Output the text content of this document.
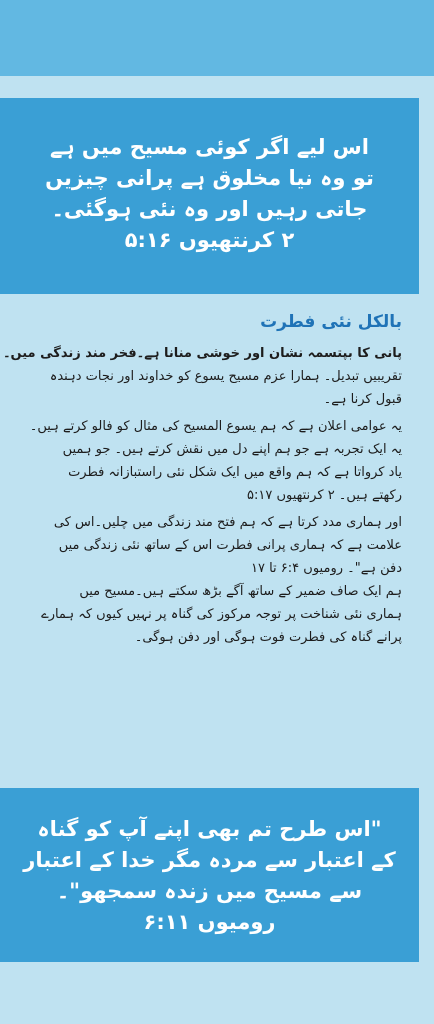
اس لیے اگر کوئی مسیح میں ہے
تو وہ نیا مخلوق ہے پرانی چیزیں
جاتی رہیں اور وہ نئی ہوگئی۔
۲ کرنتھیوں ۵:۱۶
بالکل نئی فطرت
پانی کا بپتسمہ نشان اور خوشی منانا ہے۔فخر مند زندگی میں۔
تقریبیں تبدیل۔ ہمارا عزم مسیح یسوع کو خداوند اور نجات دہندہ
قبول کرنا ہے۔
یہ عوامی اعلان ہے کہ ہم یسوع المسیح کی مثال کو فالو کرتے ہیں۔
یہ ایک تجربہ ہے جو ہم اپنے دل میں نقش کرتے ہیں۔ جو ہمیں
یاد کرواتا ہے کہ ہم واقع میں ایک شکل نئی راستبازانہ فطرت
رکھتے ہیں۔ ۲ کرنتھیوں ۵:۱۷
اور ہماری مدد کرتا ہے کہ ہم فتح مند زندگی میں چلیں۔اس کی
علامت ہے کہ ہماری پرانی فطرت اس کے ساتھ نئی زندگی میں
دفن ہے"۔ رومیوں ۶:۴ تا ۱۷
ہم ایک صاف ضمیر کے ساتھ آگے بڑھ سکتے ہیں۔مسیح میں
ہماری نئی شناخت پر توجہ مرکوز کی گناہ پر نہیں کیوں کہ ہمارے
پرانے گناہ کی فطرت فوت ہوگی اور دفن ہوگی۔
"اس طرح تم بھی اپنے آپ کو گناہ
کے اعتبار سے مردہ مگر خدا کے اعتبار
سے مسیح میں زندہ سمجھو"۔
رومیوں ۶:۱۱
